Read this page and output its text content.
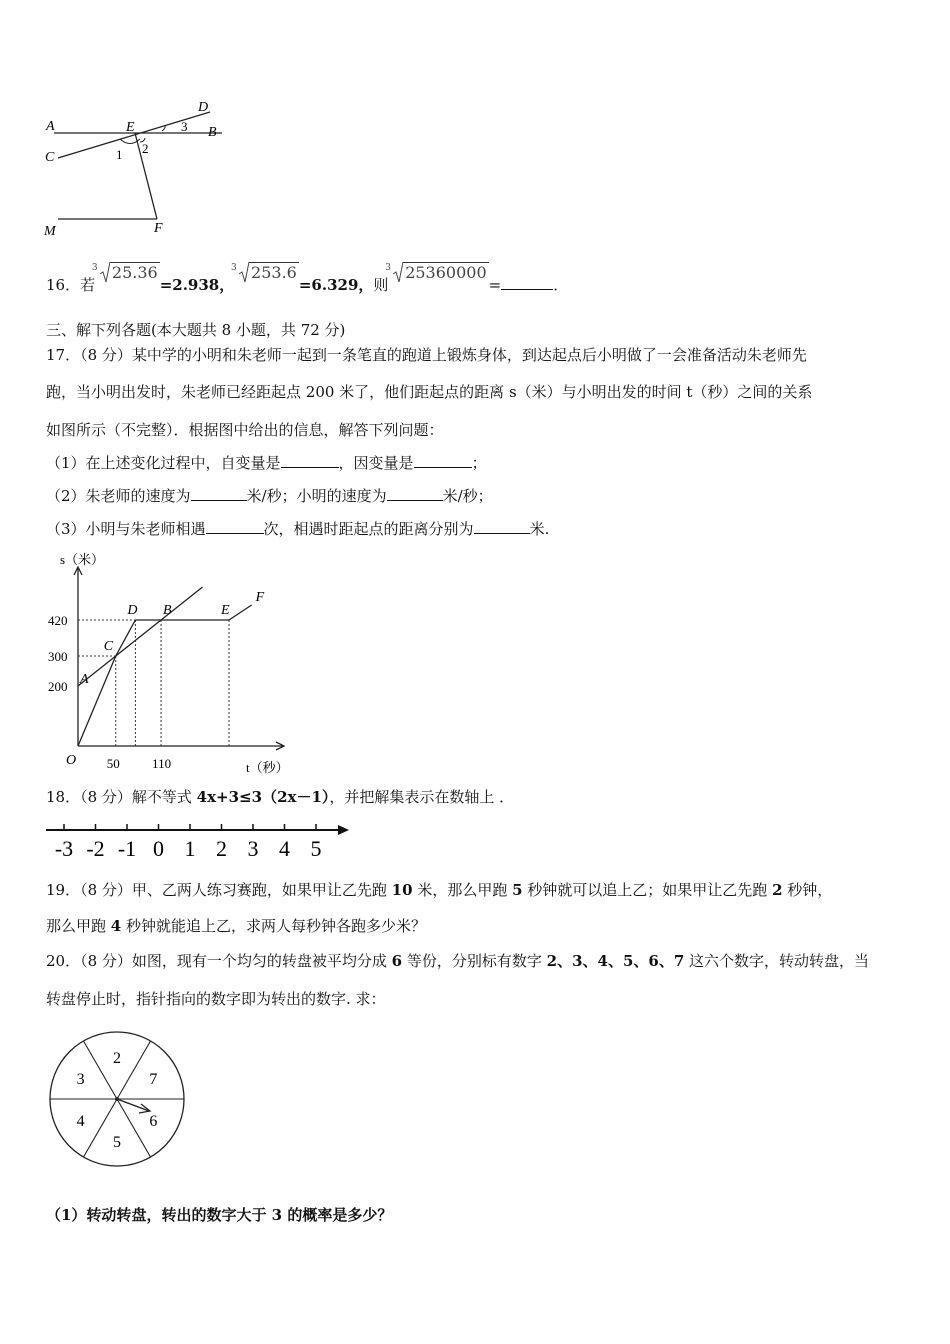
A	E
D
B
C	1 2
3
M	F
16．若
3 25.36=2.938，
3 253.6=6.329，则
3 25360000=	．
三、解下列各题(本大题共 8 小题，共 72 分)
17．（8 分）某中学的小明和朱老师一起到一条笔直的跑道上锻炼身体，到达起点后小明做了一会准备活动朱老师先
跑，当小明出发时，朱老师已经距起点 200 米了，他们距起点的距离 s（米）与小明出发的时间 t（秒）之间的关系
如图所示（不完整）．根据图中给出的信息，解答下列问题：
（1）在上述变化过程中，自变量是	，因变量是	；
（2）朱老师的速度为	米/秒；小明的速度为	米/秒；
（3）小明与朱老师相遇	次，相遇时距起点的距离分别为	米.
s（米）
t（秒）
O
200
300
420
50 110
A
C
D B	E
F
18．（8 分）解不等式 4x+3≤3（2x－1），并把解集表示在数轴上 ．
-3 -2 -1 0 1 2 3 4 5
19．（8 分）甲、乙两人练习赛跑，如果甲让乙先跑 10 米，那么甲跑 5 秒钟就可以追上乙；如果甲让乙先跑 2 秒钟，
那么甲跑 4 秒钟就能追上乙，求两人每秒钟各跑多少米？
20．（8 分）如图，现有一个均匀的转盘被平均分成 6 等份，分别标有数字 2、3、4、5、6、7 这六个数字，转动转盘，当
转盘停止时，指针指向的数字即为转出的数字. 求：
2
7
6
5
4
3
（1）转动转盘，转出的数字大于 3 的概率是多少？
